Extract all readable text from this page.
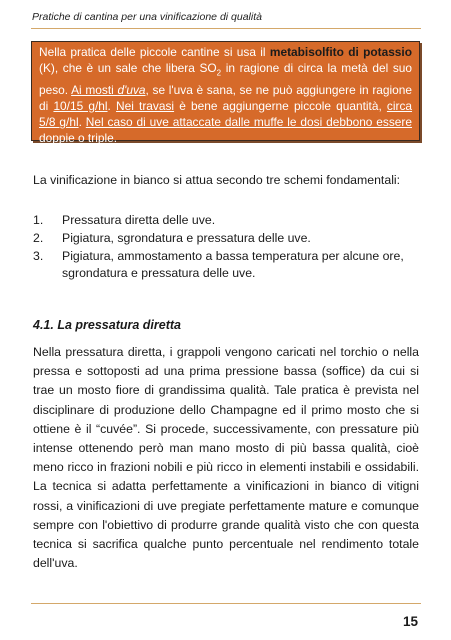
Pratiche di cantina per una vinificazione di qualità
Nella pratica delle piccole cantine si usa il metabisolfito di potassio (K), che è un sale che libera $SO_2$ in ragione di circa la metà del suo peso. Ai mosti d'uva, se l'uva è sana, se ne può aggiungere in ragione di 10/15 g/hl. Nei travasi è bene aggiungerne piccole quantità, circa 5/8 g/hl. Nel caso di uve attaccate dalle muffe le dosi debbono essere doppie o triple.
La vinificazione in bianco si attua secondo tre schemi fondamentali:
1. Pressatura diretta delle uve.
2. Pigiatura, sgrondatura e pressatura delle uve.
3. Pigiatura, ammostamento a bassa temperatura per alcune ore, sgrondatura e pressatura delle uve.
4.1. La pressatura diretta
Nella pressatura diretta, i grappoli vengono caricati nel torchio o nella pressa e sottoposti ad una prima pressione bassa (soffice) da cui si trae un mosto fiore di grandissima qualità. Tale pratica è prevista nel disciplinare di produzione dello Champagne ed il primo mosto che si ottiene è il “cuvée”. Si procede, successivamente, con pressature più intense ottenendo però man mano mosto di più bassa qualità, cioè meno ricco in frazioni nobili e più ricco in elementi instabili e ossidabili. La tecnica si adatta perfettamente a vinificazioni in bianco di vitigni rossi, a vinificazioni di uve pregiate perfettamente mature e comunque sempre con l'obiettivo di produrre grande qualità visto che con questa tecnica si sacrifica qualche punto percentuale nel rendimento totale dell'uva.
15
